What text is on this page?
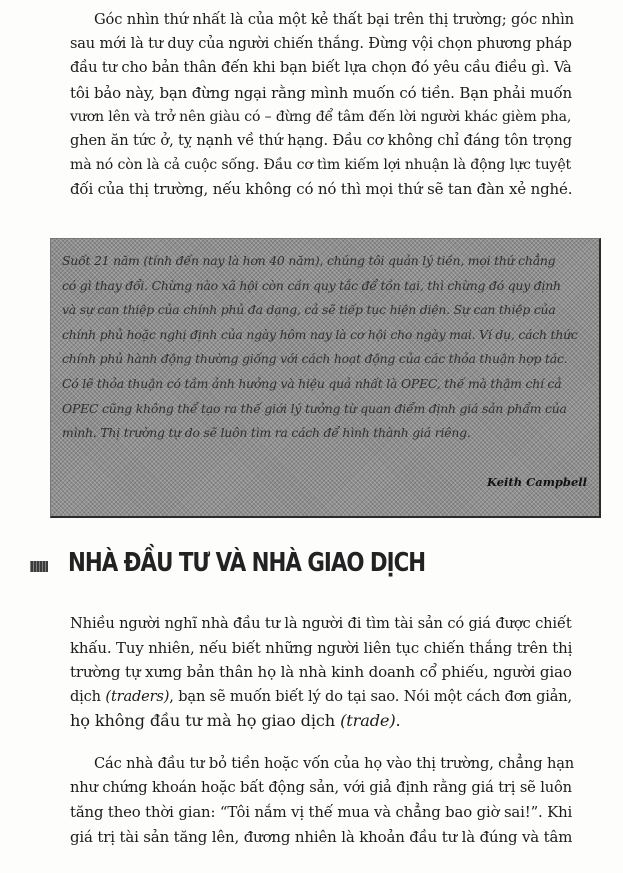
Góc nhìn thứ nhất là của một kẻ thất bại trên thị trường; góc nhìn
sau mới là tư duy của người chiến thắng. Đừng vội chọn phương pháp
đầu tư cho bản thân đến khi bạn biết lựa chọn đó yêu cầu điều gì. Và
tôi bảo này, bạn đừng ngại rằng mình muốn có tiền. Bạn phải muốn
vươn lên và trở nên giàu có – đừng để tâm đến lời người khác gièm pha,
ghen ăn tức ở, tỵ nạnh về thứ hạng. Đầu cơ không chỉ đáng tôn trọng
mà nó còn là cả cuộc sống. Đầu cơ tìm kiếm lợi nhuận là động lực tuyệt
đối của thị trường, nếu không có nó thì mọi thứ sẽ tan đàn xẻ nghé.

Suốt 21 năm (tính đến nay là hơn 40 năm), chúng tôi quản lý tiền, mọi thứ chẳng
có gì thay đổi. Chừng nào xã hội còn cần quy tắc để tồn tại, thì chừng đó quy định
và sự can thiệp của chính phủ đa dạng, cả sẽ tiếp tục hiện diện. Sự can thiệp của
chính phủ hoặc nghị định của ngày hôm nay là cơ hội cho ngày mai. Ví dụ, cách thức
chính phủ hành động thường giống với cách hoạt động của các thỏa thuận hợp tác.
Có lẽ thỏa thuận có tầm ảnh hưởng và hiệu quả nhất là OPEC, thế mà thậm chí cả
OPEC cũng không thể tạo ra thế giới lý tưởng từ quan điểm định giá sản phẩm của
mình. Thị trường tự do sẽ luôn tìm ra cách để hình thành giá riêng.

Keith Campbell
NHÀ ĐẦU TƯ VÀ NHÀ GIAO DỊCH

Nhiều người nghĩ nhà đầu tư là người đi tìm tài sản có giá được chiết
khấu. Tuy nhiên, nếu biết những người liên tục chiến thắng trên thị
trường tự xưng bản thân họ là nhà kinh doanh cổ phiếu, người giao
dịch (traders), bạn sẽ muốn biết lý do tại sao. Nói một cách đơn giản,
họ không đầu tư mà họ giao dịch (trade).

Các nhà đầu tư bỏ tiền hoặc vốn của họ vào thị trường, chẳng hạn
như chứng khoán hoặc bất động sản, với giả định rằng giá trị sẽ luôn
tăng theo thời gian: “Tôi nắm vị thế mua và chẳng bao giờ sai!”. Khi
giá trị tài sản tăng lên, đương nhiên là khoản đầu tư là đúng và tâm
